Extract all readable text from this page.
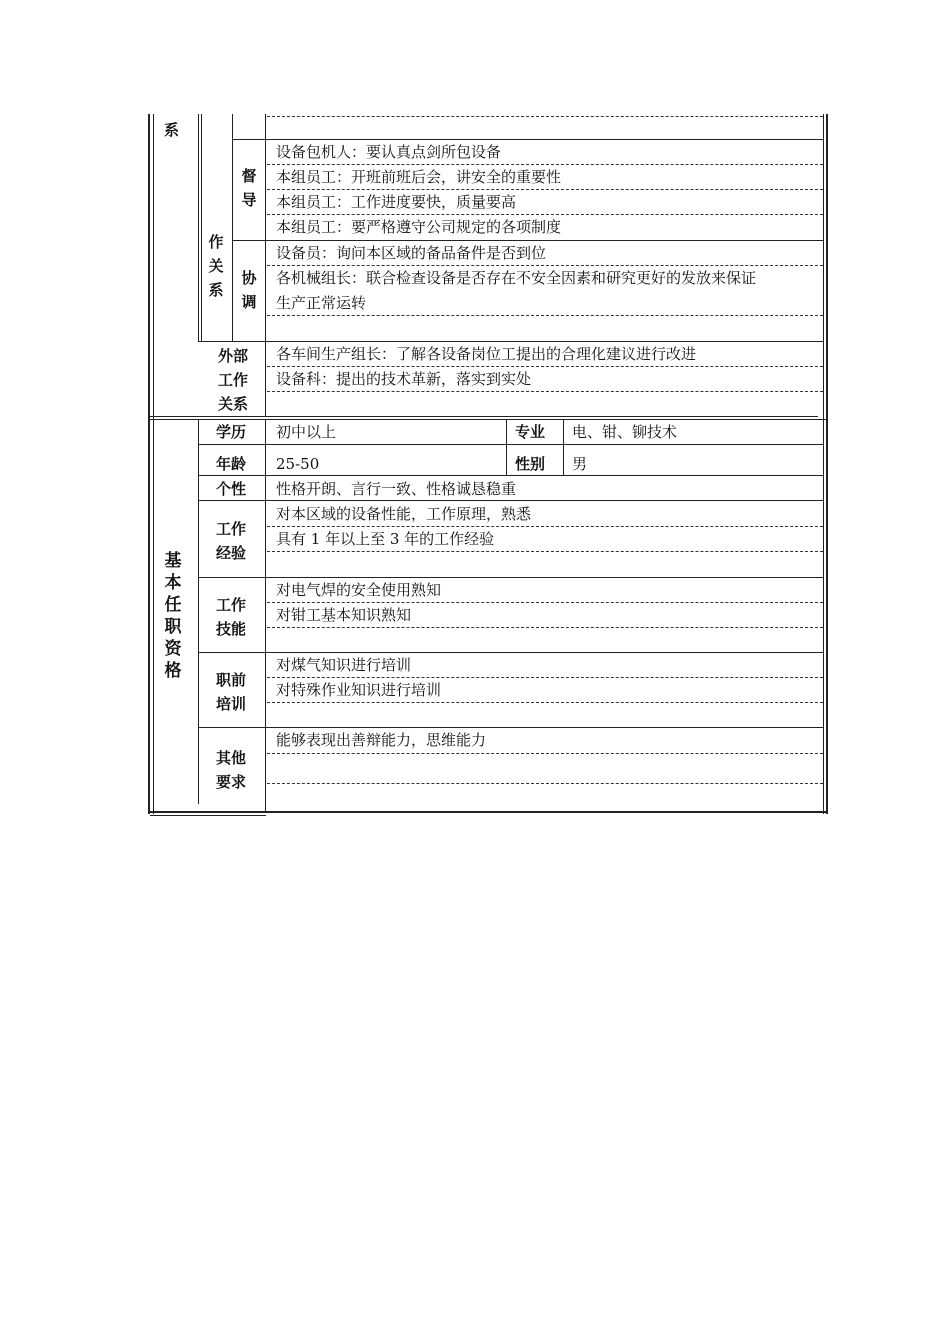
系
作
关
系
督
导
设备包机人：要认真点剑所包设备
本组员工：开班前班后会，讲安全的重要性
本组员工：工作进度要快，质量要高
本组员工：要严格遵守公司规定的各项制度
协
调
设备员：询问本区域的备品备件是否到位
各机械组长：联合检查设备是否存在不安全因素和研究更好的发放来保证
生产正常运转
外部
工作
关系
各车间生产组长：了解各设备岗位工提出的合理化建议进行改进
设备科：提出的技术革新，落实到实处
基
本
任
职
资
格
学历 初中以上	专业 电、钳、铆技术
年龄 25-50	性别 男
个性 性格开朗、言行一致、性格诚恳稳重
工作
经验
对本区域的设备性能，工作原理，熟悉
具有 1 年以上至 3 年的工作经验
工作
技能
对电气焊的安全使用熟知
对钳工基本知识熟知
职前
培训
对煤气知识进行培训
对特殊作业知识进行培训
其他
要求
能够表现出善辩能力，思维能力
